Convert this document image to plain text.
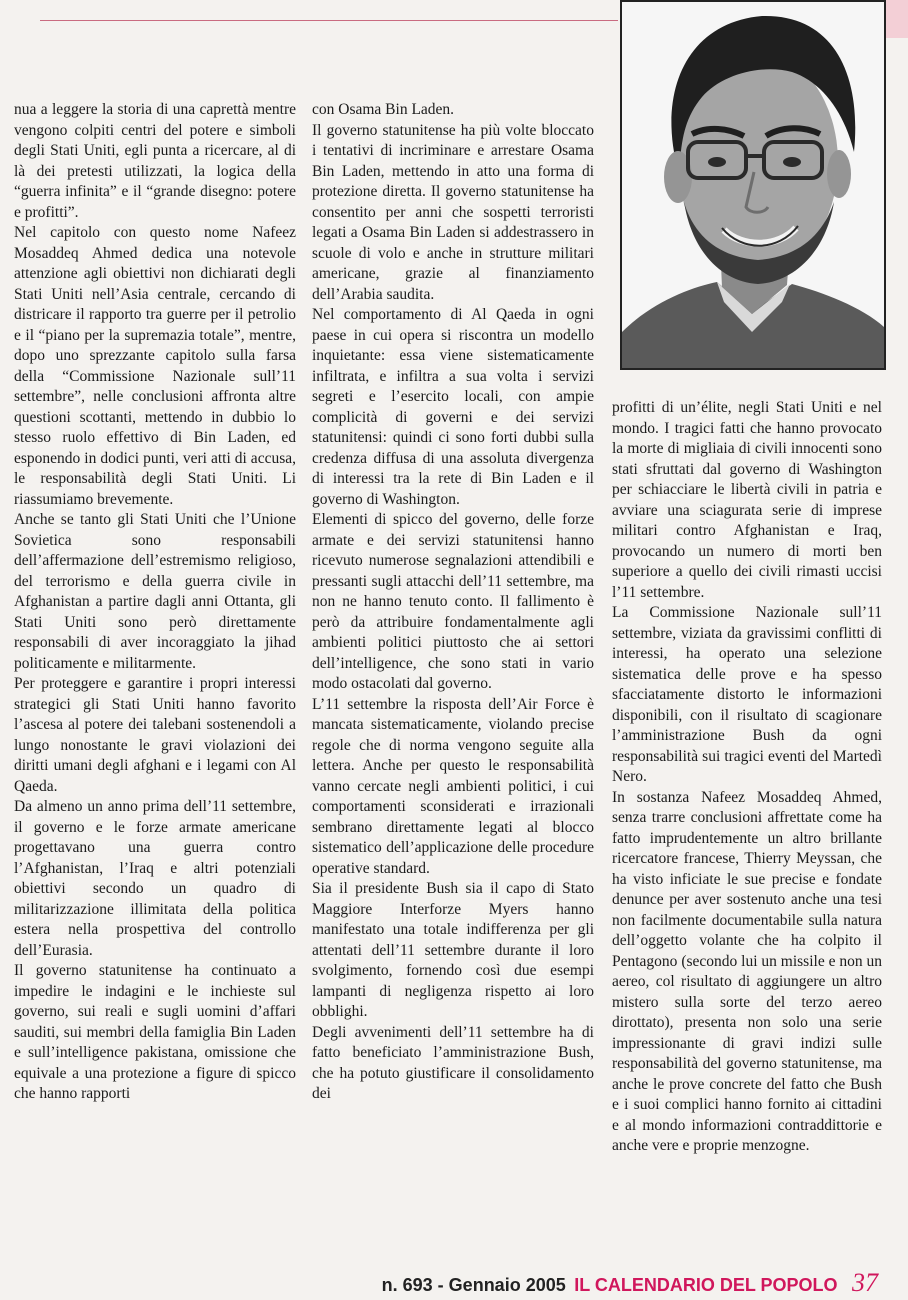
nua a leggere la storia di una caprettà mentre vengono colpiti centri del potere e simboli degli Stati Uniti, egli punta a ricercare, al di là dei pretesti utilizzati, la logica della “guerra infinita” e il “grande disegno: potere e profitti”.

Nel capitolo con questo nome Nafeez Mosaddeq Ahmed dedica una notevole attenzione agli obiettivi non dichiarati degli Stati Uniti nell’Asia centrale, cercando di districare il rapporto tra guerre per il petrolio e il “piano per la supremazia totale”, mentre, dopo uno sprezzante capitolo sulla farsa della “Commissione Nazionale sull’11 settembre”, nelle conclusioni affronta altre questioni scottanti, mettendo in dubbio lo stesso ruolo effettivo di Bin Laden, ed esponendo in dodici punti, veri atti di accusa, le responsabilità degli Stati Uniti. Li riassumiamo brevemente.

Anche se tanto gli Stati Uniti che l’Unione Sovietica sono responsabili dell’affermazione dell’estremismo religioso, del terrorismo e della guerra civile in Afghanistan a partire dagli anni Ottanta, gli Stati Uniti sono però direttamente responsabili di aver incoraggiato la jihad politicamente e militarmente.

Per proteggere e garantire i propri interessi strategici gli Stati Uniti hanno favorito l’ascesa al potere dei talebani sostenendoli a lungo nonostante le gravi violazioni dei diritti umani degli afghani e i legami con Al Qaeda.

Da almeno un anno prima dell’11 settembre, il governo e le forze armate americane progettavano una guerra contro l’Afghanistan, l’Iraq e altri potenziali obiettivi secondo un quadro di militarizzazione illimitata della politica estera nella prospettiva del controllo dell’Eurasia.

Il governo statunitense ha continuato a impedire le indagini e le inchieste sul governo, sui reali e sugli uomini d’affari sauditi, sui membri della famiglia Bin Laden e sull’intelligence pakistana, omissione che equivale a una protezione a figure di spicco che hanno rapporti

con Osama Bin Laden.

Il governo statunitense ha più volte bloccato i tentativi di incriminare e arrestare Osama Bin Laden, mettendo in atto una forma di protezione diretta. Il governo statunitense ha consentito per anni che sospetti terroristi legati a Osama Bin Laden si addestrassero in scuole di volo e anche in strutture militari americane, grazie al finanziamento dell’Arabia saudita.

Nel comportamento di Al Qaeda in ogni paese in cui opera si riscontra un modello inquietante: essa viene sistematicamente infiltrata, e infiltra a sua volta i servizi segreti e l’esercito locali, con ampie complicità di governi e dei servizi statunitensi: quindi ci sono forti dubbi sulla credenza diffusa di una assoluta divergenza di interessi tra la rete di Bin Laden e il governo di Washington.

Elementi di spicco del governo, delle forze armate e dei servizi statunitensi hanno ricevuto numerose segnalazioni attendibili e pressanti sugli attacchi dell’11 settembre, ma non ne hanno tenuto conto. Il fallimento è però da attribuire fondamentalmente agli ambienti politici piuttosto che ai settori dell’intelligence, che sono stati in vario modo ostacolati dal governo.

L’11 settembre la risposta dell’Air Force è mancata sistematicamente, violando precise regole che di norma vengono seguite alla lettera. Anche per questo le responsabilità vanno cercate negli ambienti politici, i cui comportamenti sconsiderati e irrazionali sembrano direttamente legati al blocco sistematico dell’applicazione delle procedure operative standard.

Sia il presidente Bush sia il capo di Stato Maggiore Interforze Myers hanno manifestato una totale indifferenza per gli attentati dell’11 settembre durante il loro svolgimento, fornendo così due esempi lampanti di negligenza rispetto ai loro obblighi.

Degli avvenimenti dell’11 settembre ha di fatto beneficiato l’amministrazione Bush, che ha potuto giustificare il consolidamento dei

profitti di un’élite, negli Stati Uniti e nel mondo. I tragici fatti che hanno provocato la morte di migliaia di civili innocenti sono stati sfruttati dal governo di Washington per schiacciare le libertà civili in patria e avviare una sciagurata serie di imprese militari contro Afghanistan e Iraq, provocando un numero di morti ben superiore a quello dei civili rimasti uccisi l’11 settembre.

La Commissione Nazionale sull’11 settembre, viziata da gravissimi conflitti di interessi, ha operato una selezione sistematica delle prove e ha spesso sfacciatamente distorto le informazioni disponibili, con il risultato di scagionare l’amministrazione Bush da ogni responsabilità sui tragici eventi del Martedì Nero.

In sostanza Nafeez Mosaddeq Ahmed, senza trarre conclusioni affrettate come ha fatto imprudentemente un altro brillante ricercatore francese, Thierry Meyssan, che ha visto inficiate le sue precise e fondate denunce per aver sostenuto anche una tesi non facilmente documentabile sulla natura dell’oggetto volante che ha colpito il Pentagono (secondo lui un missile e non un aereo, col risultato di aggiungere un altro mistero sulla sorte del terzo aereo dirottato), presenta non solo una serie impressionante di gravi indizi sulle responsabilità del governo statunitense, ma anche le prove concrete del fatto che Bush e i suoi complici hanno fornito ai cittadini e al mondo informazioni contraddittorie e anche vere e proprie menzogne.

n. 693 - Gennaio 2005 IL CALENDARIO DEL POPOLO 37
